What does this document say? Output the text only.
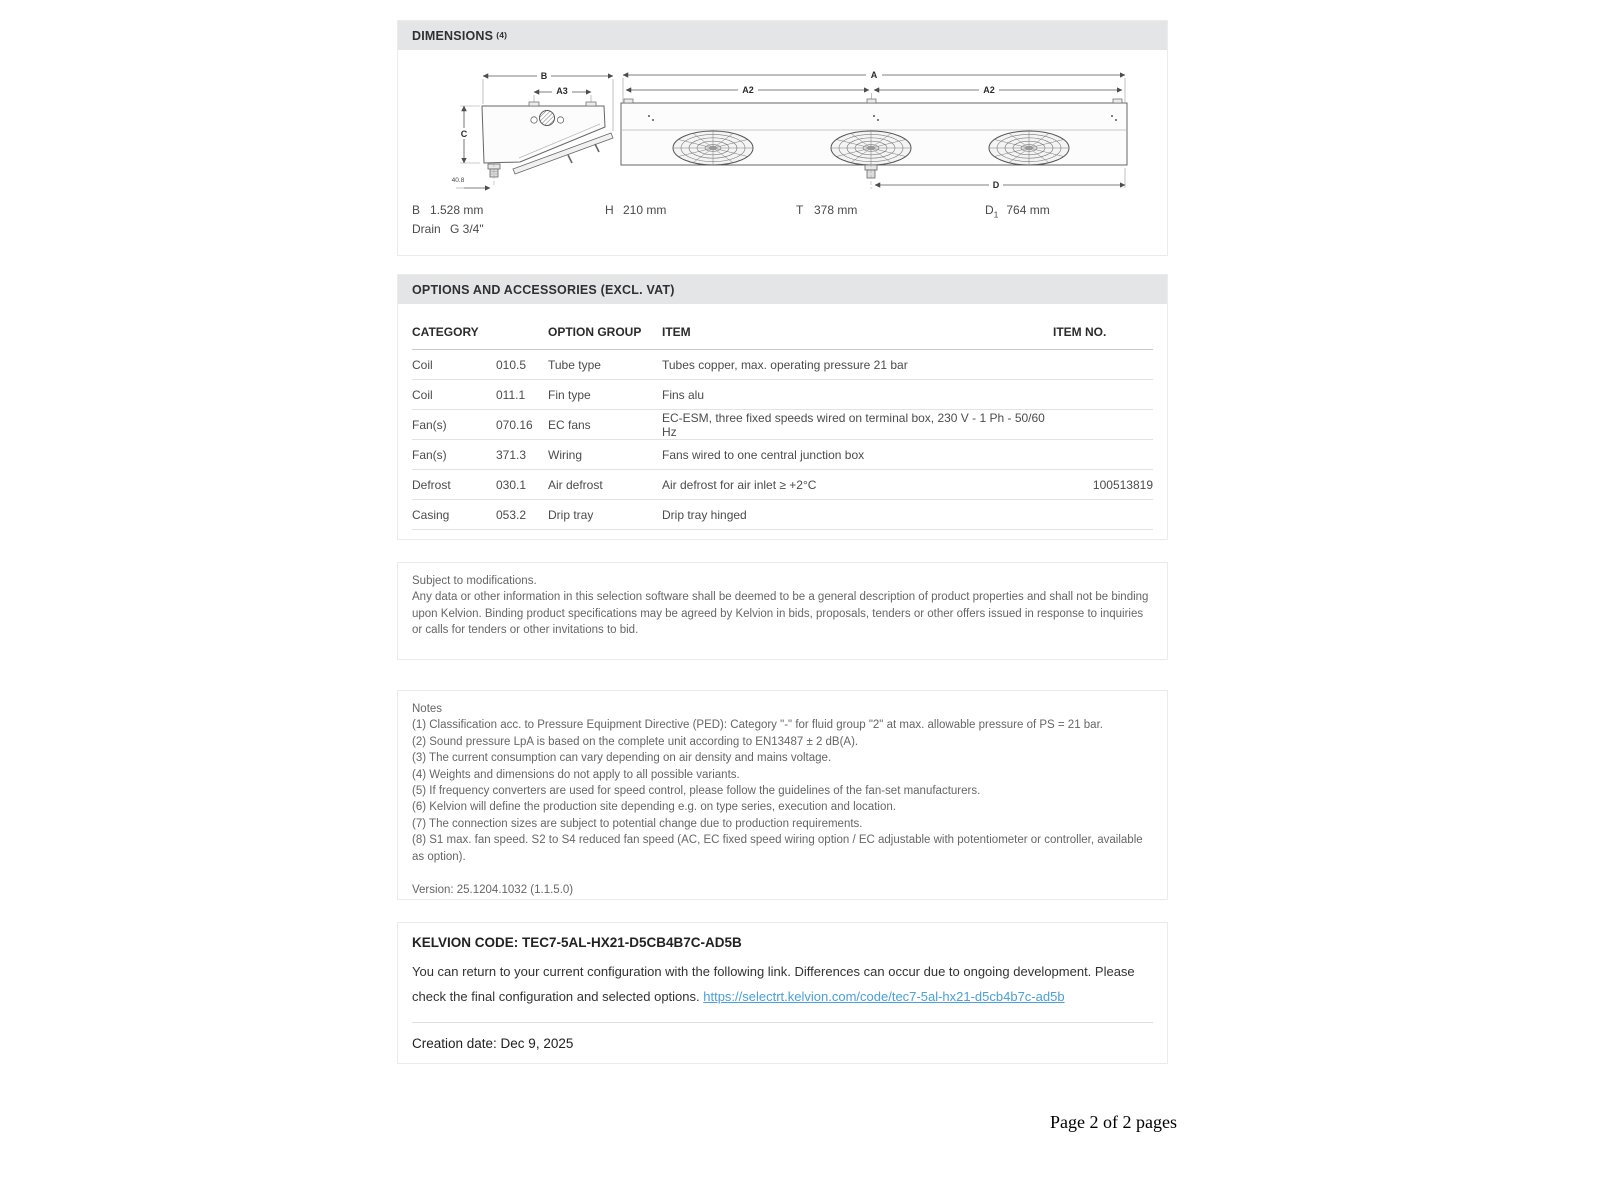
DIMENSIONS (4)
B
A3
C
40.8
A
A2	A2
D
B 1.528 mm	H 210 mm	T 378 mm	$D_1$ 764 mm
Drain G 3/4"
OPTIONS AND ACCESSORIES (EXCL. VAT)
CATEGORY		OPTION GROUP	ITEM	ITEM NO.
Coil	010.5	Tube type	Tubes copper, max. operating pressure 21 bar	
Coil	011.1	Fin type	Fins alu	
Fan(s)	070.16	EC fans	EC-ESM, three fixed speeds wired on terminal box, 230 V - 1 Ph - 50/60 Hz	
Fan(s)	371.3	Wiring	Fans wired to one central junction box	
Defrost	030.1	Air defrost	Air defrost for air inlet ≥ +2°C	100513819
Casing	053.2	Drip tray	Drip tray hinged	
Subject to modifications.
Any data or other information in this selection software shall be deemed to be a general description of product properties and shall not be binding upon Kelvion. Binding product specifications may be agreed by Kelvion in bids, proposals, tenders or other offers issued in response to inquiries or calls for tenders or other invitations to bid.
Notes
(1) Classification acc. to Pressure Equipment Directive (PED): Category "-" for fluid group "2" at max. allowable pressure of PS = 21 bar.
(2) Sound pressure LpA is based on the complete unit according to EN13487 ± 2 dB(A).
(3) The current consumption can vary depending on air density and mains voltage.
(4) Weights and dimensions do not apply to all possible variants.
(5) If frequency converters are used for speed control, please follow the guidelines of the fan-set manufacturers.
(6) Kelvion will define the production site depending e.g. on type series, execution and location.
(7) The connection sizes are subject to potential change due to production requirements.
(8) S1 max. fan speed. S2 to S4 reduced fan speed (AC, EC fixed speed wiring option / EC adjustable with potentiometer or controller, available as option).
Version: 25.1204.1032 (1.1.5.0)
KELVION CODE: TEC7-5AL-HX21-D5CB4B7C-AD5B
You can return to your current configuration with the following link. Differences can occur due to ongoing development. Please check the final configuration and selected options. https://selectrt.kelvion.com/code/tec7-5al-hx21-d5cb4b7c-ad5b
Creation date: Dec 9, 2025
Page 2 of 2 pages
